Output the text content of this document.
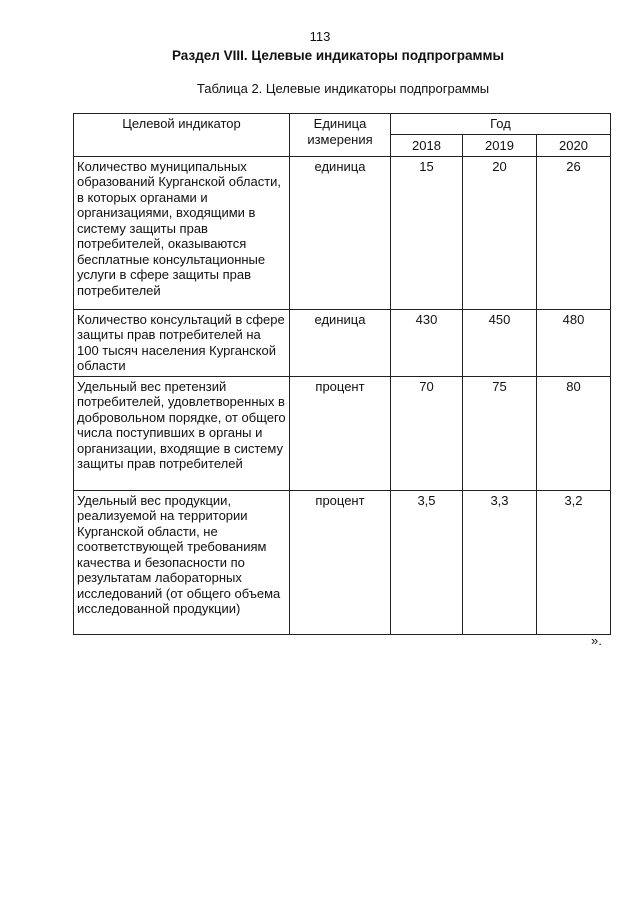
113
Раздел VIII. Целевые индикаторы подпрограммы
Таблица 2. Целевые индикаторы подпрограммы
Целевой индикатор	Единица измерения	Год		
		2018	2019	2020
Количество муниципальных образований Курганской области, в которых органами и организациями, входящими в систему защиты прав потребителей, оказываются бесплатные консультационные услуги в сфере защиты прав потребителей	единица	15	20	26
Количество консультаций в сфере защиты прав потребителей на 100 тысяч населения Курганской области	единица	430	450	480
Удельный вес претензий потребителей, удовлетворенных в добровольном порядке, от общего числа поступивших в органы и организации, входящие в систему защиты прав потребителей	процент	70	75	80
Удельный вес продукции, реализуемой на территории Курганской области, не соответствующей требованиям качества и безопасности по результатам лабораторных исследований (от общего объема исследованной продукции)	процент	3,5	3,3	3,2
».
